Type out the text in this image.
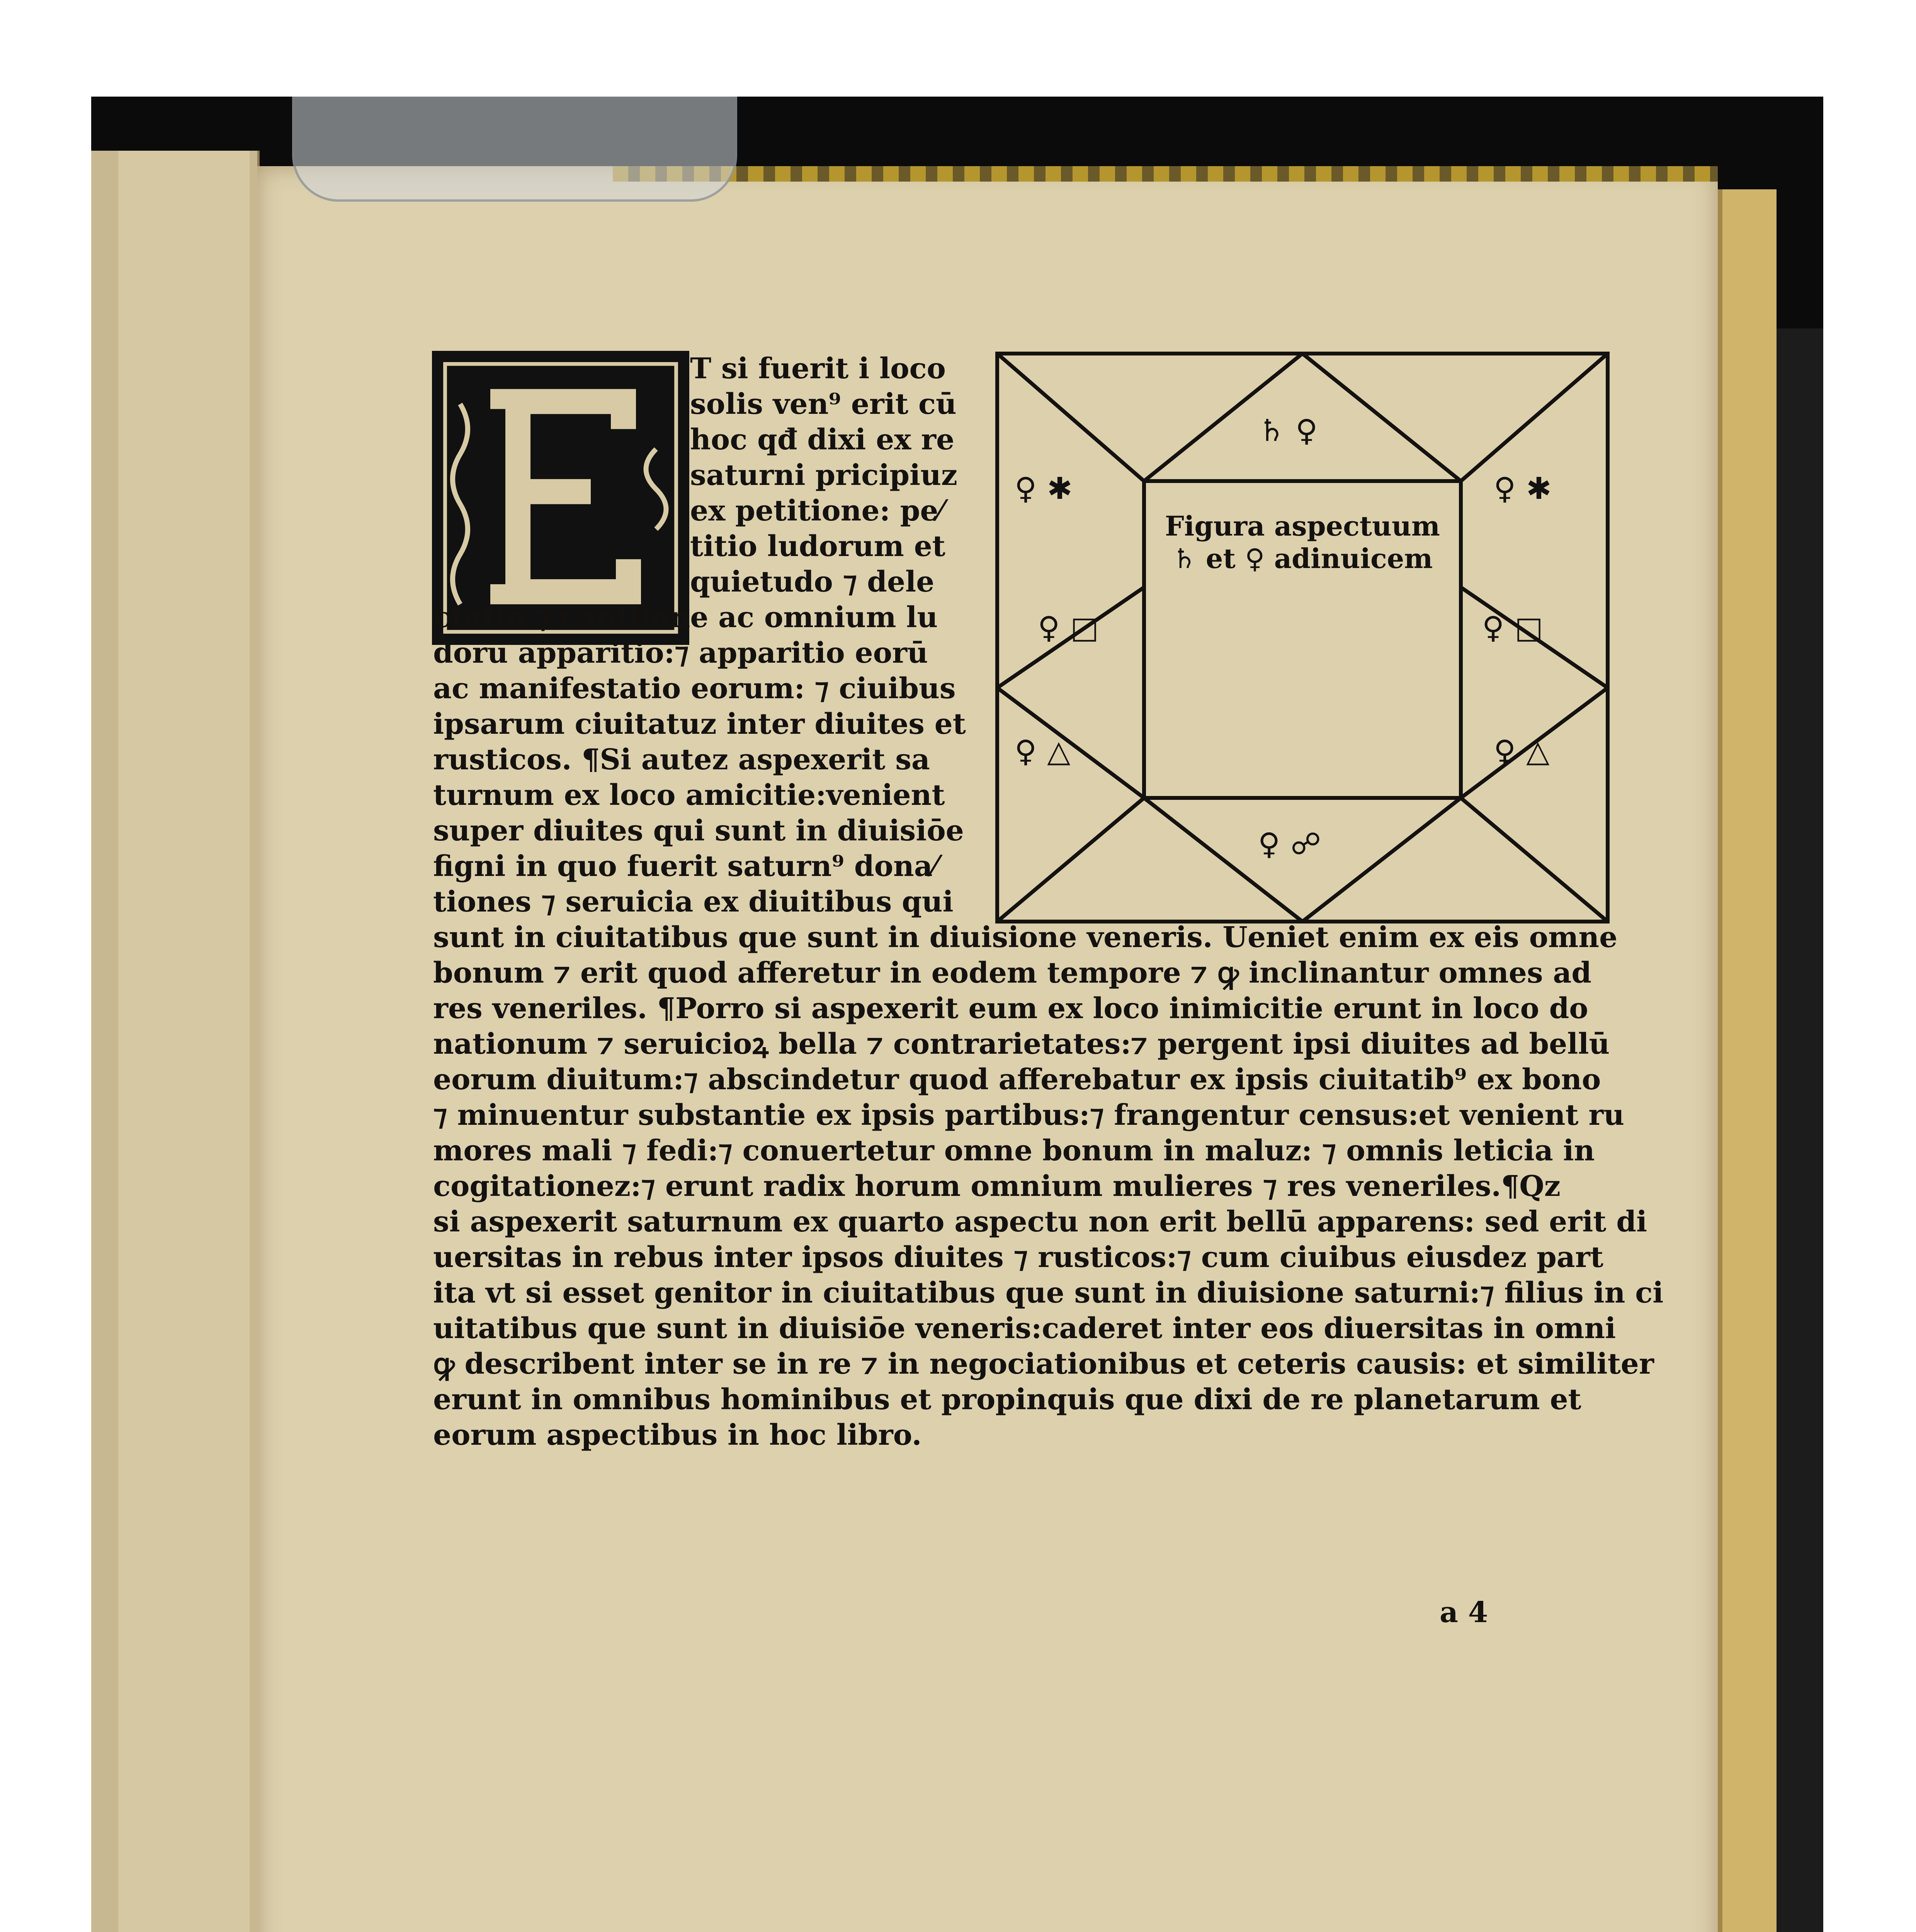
T si fuerit i loco
solis ven⁹ erit cū
hoc qđ dixi ex re
saturni pricipiuz
ex petitione: pe⁄
titio ludorum et
quietudo ⁊ dele
ctatio ⁊ cantilene ac omnium lu
dorū apparitio:⁊ apparitio eorū
ac manifestatio eorum: ⁊ ciuibus
ipsarum ciuitatuz inter diuites et
rusticos. ¶Si autez aspexerit sa
turnum ex loco amicitie:venient
super diuites qui sunt in diuisiōe
figni in quo fuerit saturn⁹ dona⁄
tiones ⁊ seruicia ex diuitibus qui
sunt in ciuitatibus que sunt in diuisione veneris. Ueniet enim ex eis omne
bonum ⁊ erit quod afferetur in eodem tempore ⁊ ꝙ inclinantur omnes ad
res veneriles. ¶Porro si aspexerit eum ex loco inimicitie erunt in loco do
nationum ⁊ seruicioꝝ bella ⁊ contrarietates:⁊ pergent ipsi diuites ad bellū
eorum diuitum:⁊ abscindetur quod afferebatur ex ipsis ciuitatib⁹ ex bono
⁊ minuentur substantie ex ipsis partibus:⁊ frangentur census:et venient ru
mores mali ⁊ fedi:⁊ conuertetur omne bonum in maluz: ⁊ omnis leticia in
cogitationez:⁊ erunt radix horum omnium mulieres ⁊ res veneriles.¶Qz
si aspexerit saturnum ex quarto aspectu non erit bellū apparens: sed erit di
uersitas in rebus inter ipsos diuites ⁊ rusticos:⁊ cum ciuibus eiusdez part
ita vt si esset genitor in ciuitatibus que sunt in diuisione saturni:⁊ filius in ci
uitatibus que sunt in diuisiōe veneris:caderet inter eos diuersitas in omni
ꝙ describent inter se in re ⁊ in negociationibus et ceteris causis: et similiter
erunt in omnibus hominibus et propinquis que dixi de re planetarum et
eorum aspectibus in hoc libro.
Figura aspectuum
♄ et ♀ adinuicem
♄ ♀
♀ ☍
♀ ✱
♀ □
♀ △
♀ ✱
♀ □
♀ △
a 4
